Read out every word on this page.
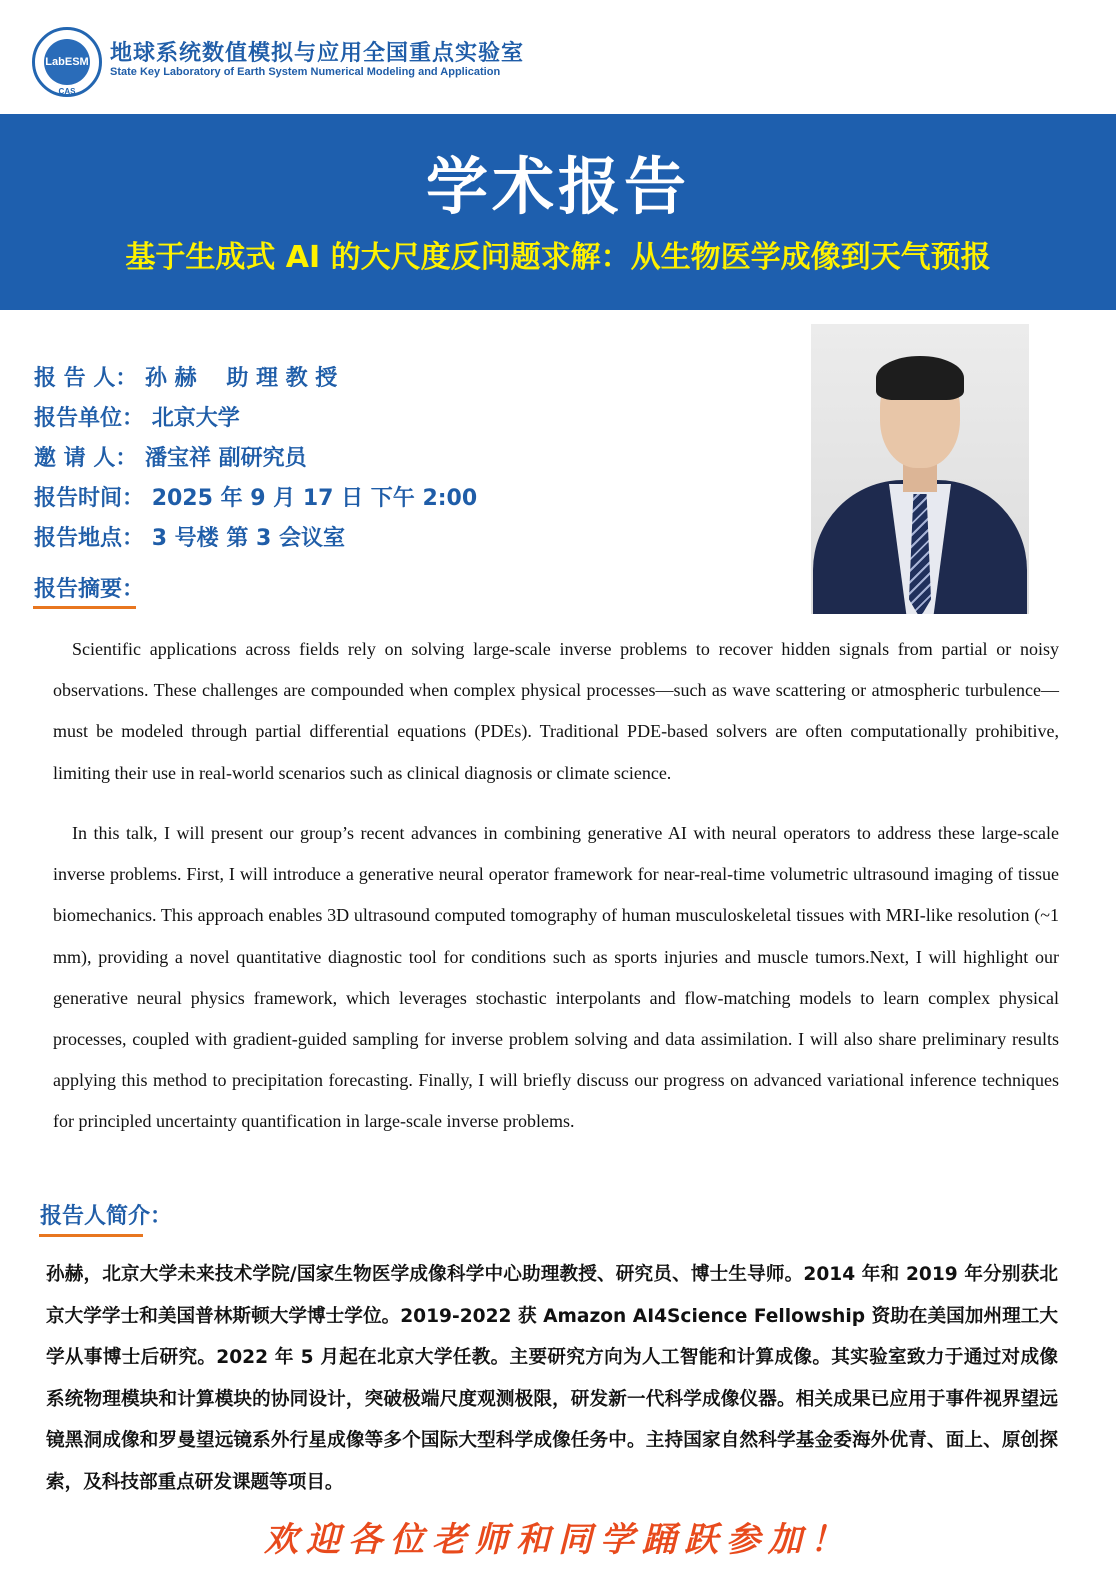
LabESM
CAS
地球系统数值模拟与应用全国重点实验室
State Key Laboratory of Earth System Numerical Modeling and Application
学术报告
基于生成式 AI 的大尺度反问题求解：从生物医学成像到天气预报
报 告 人： 孙 赫 　助 理 教 授
报告单位： 北京大学
邀 请 人： 潘宝祥 副研究员
报告时间： 2025 年 9 月 17 日 下午 2:00
报告地点： 3 号楼 第 3 会议室
报告摘要：

Scientific applications across fields rely on solving large-scale inverse problems to recover hidden signals from partial or noisy observations. These challenges are compounded when complex physical processes—such as wave scattering or atmospheric turbulence—must be modeled through partial differential equations (PDEs). Traditional PDE-based solvers are often computationally prohibitive, limiting their use in real-world scenarios such as clinical diagnosis or climate science.

In this talk, I will present our group’s recent advances in combining generative AI with neural operators to address these large-scale inverse problems. First, I will introduce a generative neural operator framework for near-real-time volumetric ultrasound imaging of tissue biomechanics. This approach enables 3D ultrasound computed tomography of human musculoskeletal tissues with MRI-like resolution (~1 mm), providing a novel quantitative diagnostic tool for conditions such as sports injuries and muscle tumors.Next, I will highlight our generative neural physics framework, which leverages stochastic interpolants and flow-matching models to learn complex physical processes, coupled with gradient-guided sampling for inverse problem solving and data assimilation. I will also share preliminary results applying this method to precipitation forecasting. Finally, I will briefly discuss our progress on advanced variational inference techniques for principled uncertainty quantification in large-scale inverse problems.

报告人简介：
孙赫，北京大学未来技术学院/国家生物医学成像科学中心助理教授、研究员、博士生导师。2014 年和 2019 年分别获北京大学学士和美国普林斯顿大学博士学位。2019-2022 获 Amazon AI4Science Fellowship 资助在美国加州理工大学从事博士后研究。2022 年 5 月起在北京大学任教。主要研究方向为人工智能和计算成像。其实验室致力于通过对成像系统物理模块和计算模块的协同设计，突破极端尺度观测极限，研发新一代科学成像仪器。相关成果已应用于事件视界望远镜黑洞成像和罗曼望远镜系外行星成像等多个国际大型科学成像任务中。主持国家自然科学基金委海外优青、面上、原创探索，及科技部重点研发课题等项目。
欢迎各位老师和同学踊跃参加！
